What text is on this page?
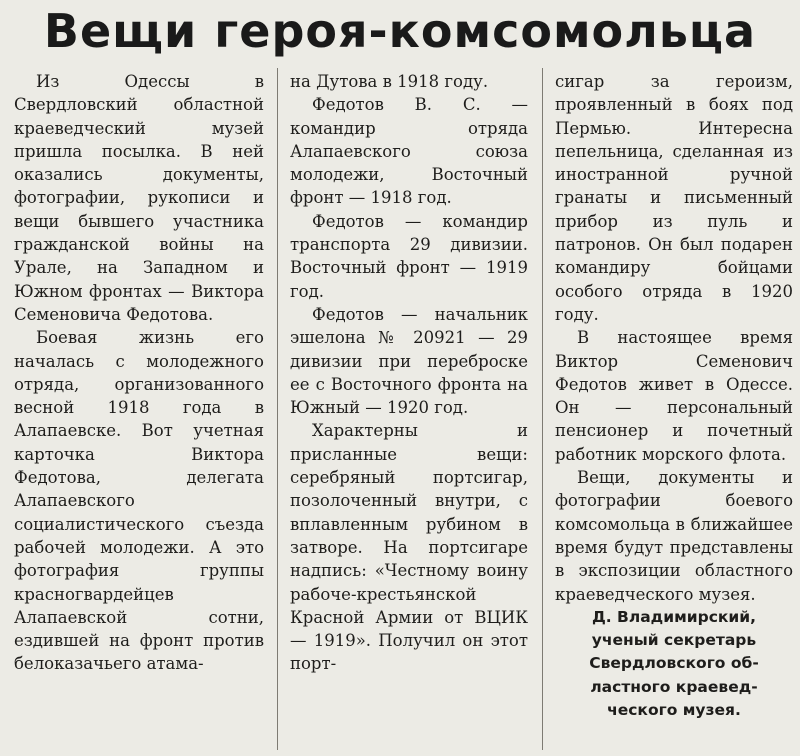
Вещи героя-комсомольца

Из Одессы в Свердловский областной краеведческий музей пришла посылка. В ней оказались документы, фотографии, рукописи и вещи бывшего участника гражданской войны на Урале, на Западном и Южном фронтах — Виктора Семеновича Федотова.

Боевая жизнь его началась с молодежного отряда, организованного весной 1918 года в Алапаевске. Вот учетная карточка Виктора Федотова, делегата Алапаевского социалистического съезда рабочей молодежи. А это фотография группы красногвардейцев Алапаевской сотни, ездившей на фронт против белоказачьего атама-

на Дутова в 1918 году.

Федотов В. С. — командир отряда Алапаевского союза молодежи, Восточный фронт — 1918 год.

Федотов — командир транспорта 29 дивизии. Восточный фронт — 1919 год.

Федотов — начальник эшелона № 20921 — 29 дивизии при переброске ее с Восточного фронта на Южный — 1920 год.

Характерны и присланные вещи: серебряный портсигар, позолоченный внутри, с вплавленным рубином в затворе. На портсигаре надпись: «Честному воину рабоче-крестьянской Красной Армии от ВЦИК — 1919». Получил он этот порт-

сигар за героизм, проявленный в боях под Пермью. Интересна пепельница, сделанная из иностранной ручной гранаты и письменный прибор из пуль и патронов. Он был подарен командиру бойцами особого отряда в 1920 году.

В настоящее время Виктор Семенович Федотов живет в Одессе. Он — персональный пенсионер и почетный работник морского флота.

Вещи, документы и фотографии боевого комсомольца в ближайшее время будут представлены в экспозиции областного краеведческого музея.

Д. Владимирский,
ученый секретарь
Свердловского об-
ластного краевед-
ческого музея.
